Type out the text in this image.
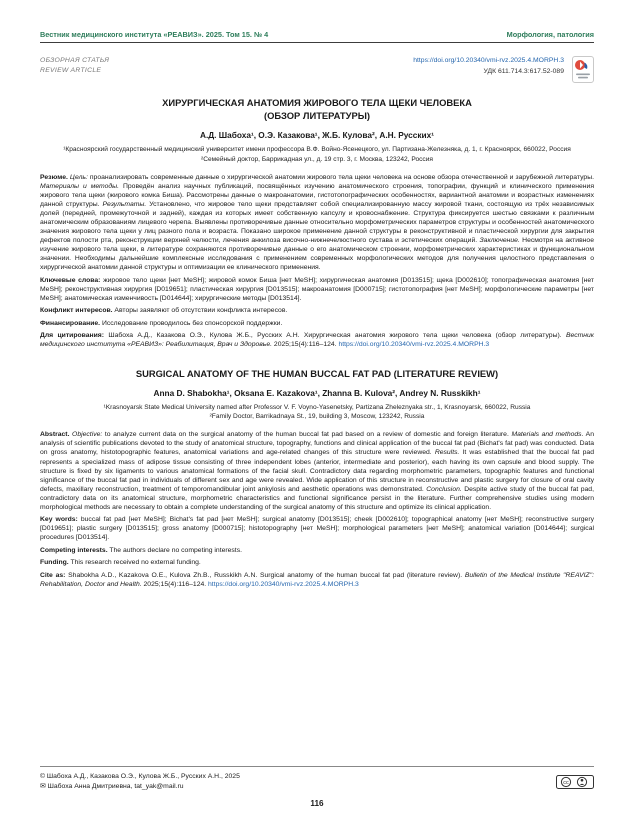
Вестник медицинского института «РЕАВИЗ». 2025. Том 15. № 4	Морфология, патология
ОБЗОРНАЯ СТАТЬЯ
REVIEW ARTICLE
https://doi.org/10.20340/vmi-rvz.2025.4.MORPH.3
УДК 611.714.3:617.52-089
ХИРУРГИЧЕСКАЯ АНАТОМИЯ ЖИРОВОГО ТЕЛА ЩЕКИ ЧЕЛОВЕКА
(ОБЗОР ЛИТЕРАТУРЫ)
А.Д. Шабоха¹, О.Э. Казакова¹, Ж.Б. Кулова², А.Н. Русских¹
¹Красноярский государственный медицинский университет имени профессора В.Ф. Войно-Ясенецкого, ул. Партизана-Железняка, д. 1, г. Красноярск, 660022, Россия
²Семейный доктор, Баррикадная ул., д. 19 стр. 3, г. Москва, 123242, Россия

Резюме. Цель: проанализировать современные данные о хирургической анатомии жирового тела щеки человека на основе обзора отечественной и зарубежной литературы. Материалы и методы. Проведён анализ научных публикаций, посвящённых изучению анатомического строения, топографии, функций и клинического применения жирового тела щеки (жирового комка Биша). Рассмотрены данные о макроанатомии, гистотопографических особенностях, вариантной анатомии и возрастных изменениях данной структуры. Результаты. Установлено, что жировое тело щеки представляет собой специализированную массу жировой ткани, состоящую из трёх независимых долей (передней, промежуточной и задней), каждая из которых имеет собственную капсулу и кровоснабжение. Структура фиксируется шестью связками к различным анатомическим образованиям лицевого черепа. Выявлены противоречивые данные относительно морфометрических параметров структуры и особенностей анатомического значения жирового тела щеки у лиц разного пола и возраста. Показано широкое применение данной структуры в реконструктивной и пластической хирургии для закрытия дефектов полости рта, реконструкции верхней челюсти, лечения анкилоза височно-нижнечелюстного сустава и эстетических операций. Заключение. Несмотря на активное изучение жирового тела щеки, в литературе сохраняются противоречивые данные о его анатомическом строении, морфометрических характеристиках и функциональном значении. Необходимы дальнейшие комплексные исследования с применением современных морфологических методов для получения целостного представления о хирургической анатомии данной структуры и оптимизации ее клинического применения.

Ключевые слова: жировое тело щеки [нет MeSH]; жировой комок Биша [нет MeSH]; хирургическая анатомия [D013515]; щека [D002610]; топографическая анатомия [нет MeSH]; реконструктивная хирургия [D019651]; пластическая хирургия [D013515]; макроанатомия [D000715]; гистотопография [нет MeSH]; морфологические параметры [нет MeSH]; анатомическая изменчивость [D014644]; хирургические методы [D013514].

Конфликт интересов. Авторы заявляют об отсутствии конфликта интересов.

Финансирование. Исследование проводилось без спонсорской поддержки.

Для цитирования: Шабоха А.Д., Казакова О.Э., Кулова Ж.Б., Русских А.Н. Хирургическая анатомия жирового тела щеки человека (обзор литературы). Вестник медицинского института «РЕАВИЗ»: Реабилитация, Врач и Здоровье. 2025;15(4):116–124. https://doi.org/10.20340/vmi-rvz.2025.4.MORPH.3

SURGICAL ANATOMY OF THE HUMAN BUCCAL FAT PAD (LITERATURE REVIEW)
Anna D. Shabokha¹, Oksana E. Kazakova¹, Zhanna B. Kulova², Andrey N. Russkikh¹
¹Krasnoyarsk State Medical University named after Professor V. F. Voyno-Yasenetsky, Partizana Zheleznyaka str., 1, Krasnoyarsk, 660022, Russia
²Family Doctor, Barrikadnaya St., 19, building 3, Moscow, 123242, Russia

Abstract. Objective: to analyze current data on the surgical anatomy of the human buccal fat pad based on a review of domestic and foreign literature. Materials and methods. An analysis of scientific publications devoted to the study of anatomical structure, topography, functions and clinical application of the buccal fat pad (Bichat's fat pad) was conducted. Data on gross anatomy, histotopographic features, anatomical variations and age-related changes of this structure were reviewed. Results. It was established that the buccal fat pad represents a specialized mass of adipose tissue consisting of three independent lobes (anterior, intermediate and posterior), each having its own capsule and blood supply. The structure is fixed by six ligaments to various anatomical formations of the facial skull. Contradictory data regarding morphometric parameters, topographic features and functional significance of the buccal fat pad in individuals of different sex and age were revealed. Wide application of this structure in reconstructive and plastic surgery for closure of oral cavity defects, maxillary reconstruction, treatment of temporomandibular joint ankylosis and aesthetic operations was demonstrated. Conclusion. Despite active study of the buccal fat pad, contradictory data on its anatomical structure, morphometric characteristics and functional significance persist in the literature. Further comprehensive studies using modern morphological methods are necessary to obtain a complete understanding of the surgical anatomy of this structure and optimize its clinical application.

Key words: buccal fat pad [нет MeSH]; Bichat's fat pad [нет MeSH]; surgical anatomy [D013515]; cheek [D002610]; topographical anatomy [нет MeSH]; reconstructive surgery [D019651]; plastic surgery [D013515]; gross anatomy [D000715]; histotopography [нет MeSH]; morphological parameters [нет MeSH]; anatomical variation [D014644]; surgical procedures [D013514].

Competing interests. The authors declare no competing interests.

Funding. This research received no external funding.

Cite as: Shabokha A.D., Kazakova O.E., Kulova Zh.B., Russkikh A.N. Surgical anatomy of the human buccal fat pad (literature review). Bulletin of the Medical Institute "REAVIZ": Rehabilitation, Doctor and Health. 2025;15(4):116–124. https://doi.org/10.20340/vmi-rvz.2025.4.MORPH.3

© Шабоха А.Д., Казакова О.Э., Кулова Ж.Б., Русских А.Н., 2025
✉ Шабоха Анна Дмитриевна, tat_yak@mail.ru	cc
116
